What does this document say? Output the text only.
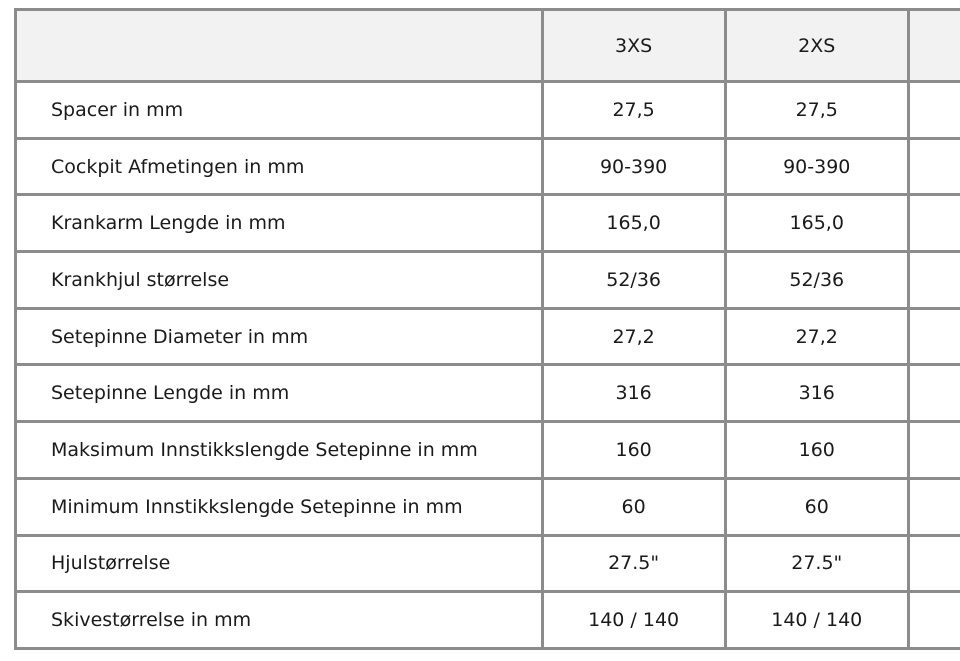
	3XS	2XS	
Spacer in mm	27,5	27,5	
Cockpit Afmetingen in mm	90-390	90-390	
Krankarm Lengde in mm	165,0	165,0	
Krankhjul størrelse	52/36	52/36	
Setepinne Diameter in mm	27,2	27,2	
Setepinne Lengde in mm	316	316	
Maksimum Innstikkslengde Setepinne in mm	160	160	
Minimum Innstikkslengde Setepinne in mm	60	60	
Hjulstørrelse	27.5"	27.5"	
Skivestørrelse in mm	140 / 140	140 / 140	
